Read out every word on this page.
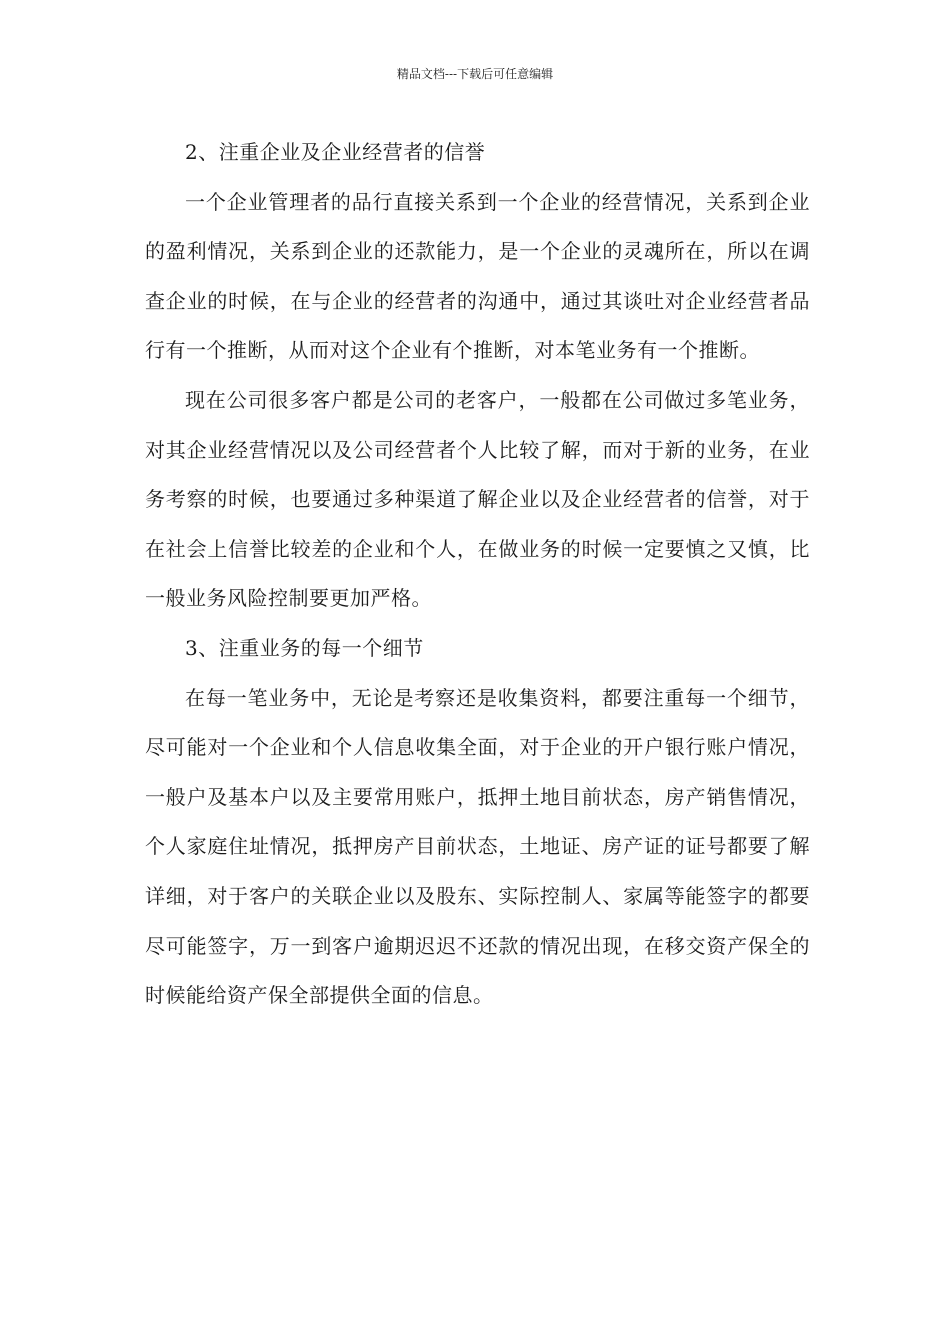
精品文档---下载后可任意编辑

2、注重企业及企业经营者的信誉

一个企业管理者的品行直接关系到一个企业的经营情况，关系到企业的盈利情况，关系到企业的还款能力，是一个企业的灵魂所在，所以在调查企业的时候，在与企业的经营者的沟通中，通过其谈吐对企业经营者品行有一个推断，从而对这个企业有个推断，对本笔业务有一个推断。

现在公司很多客户都是公司的老客户，一般都在公司做过多笔业务，对其企业经营情况以及公司经营者个人比较了解，而对于新的业务，在业务考察的时候，也要通过多种渠道了解企业以及企业经营者的信誉，对于在社会上信誉比较差的企业和个人，在做业务的时候一定要慎之又慎，比一般业务风险控制要更加严格。

3、注重业务的每一个细节

在每一笔业务中，无论是考察还是收集资料，都要注重每一个细节，尽可能对一个企业和个人信息收集全面，对于企业的开户银行账户情况，一般户及基本户以及主要常用账户，抵押土地目前状态，房产销售情况，个人家庭住址情况，抵押房产目前状态，土地证、房产证的证号都要了解详细，对于客户的关联企业以及股东、实际控制人、家属等能签字的都要尽可能签字，万一到客户逾期迟迟不还款的情况出现，在移交资产保全的时候能给资产保全部提供全面的信息。
